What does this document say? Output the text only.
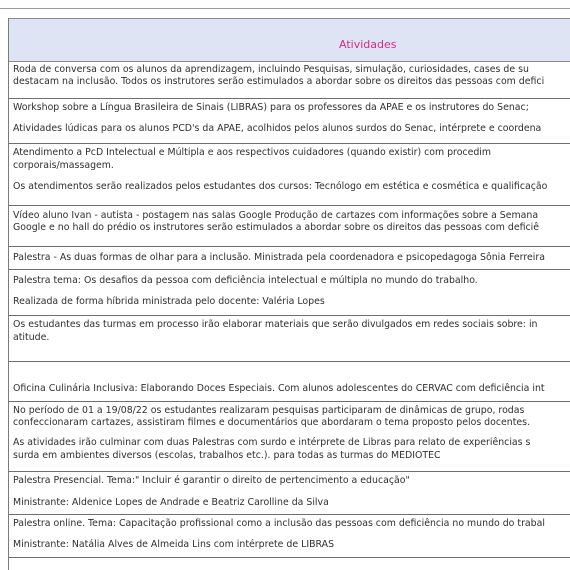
Atividades
Roda de conversa com os alunos da aprendizagem, incluindo Pesquisas, simulação, curiosidades, cases de su
destacam na inclusão. Todos os instrutores serão estimulados a abordar sobre os direitos das pessoas com defici
Workshop sobre a Língua Brasileira de Sinais (LIBRAS) para os professores da APAE e os instrutores do Senac;
Atividades lúdicas para os alunos PCD's da APAE, acolhidos pelos alunos surdos do Senac, intérprete e coordena
Atendimento a PcD Intelectual e Múltipla e aos respectivos cuidadores (quando existir) com procedim
corporais/massagem.
Os atendimentos serão realizados pelos estudantes dos cursos: Tecnólogo em estética e cosmética e qualificação
Vídeo aluno Ivan - autista - postagem nas salas Google Produção de cartazes com informações sobre a Semana
Google e no hall do prédio os instrutores serão estimulados a abordar sobre os direitos das pessoas com deficiê
Palestra - As duas formas de olhar para a inclusão. Ministrada pela coordenadora e psicopedagoga Sônia Ferreira
Palestra tema: Os desafios da pessoa com deficiência intelectual e múltipla no mundo do trabalho.
Realizada de forma híbrida ministrada pelo docente: Valéria Lopes
Os estudantes das turmas em processo irão elaborar materiais que serão divulgados em redes sociais sobre: in
atitude.
Oficina Culinária Inclusiva: Elaborando Doces Especiais. Com alunos adolescentes do CERVAC com deficiência int
No período de 01 a 19/08/22 os estudantes realizaram pesquisas participaram de dinâmicas de grupo, rodas
confeccionaram cartazes, assistiram filmes e documentários que abordaram o tema proposto pelos docentes.
As atividades irão culminar com duas Palestras com surdo e intérprete de Libras para relato de experiências s
surda em ambientes diversos (escolas, trabalhos etc.). para todas as turmas do MEDIOTEC
Palestra Presencial. Tema:" Incluir é garantir o direito de pertencimento a educação"
Ministrante: Aldenice Lopes de Andrade e Beatriz Carolline da Silva
Palestra online. Tema: Capacitação profissional como a inclusão das pessoas com deficiência no mundo do trabal
Ministrante: Natália Alves de Almeida Lins com intérprete de LIBRAS
